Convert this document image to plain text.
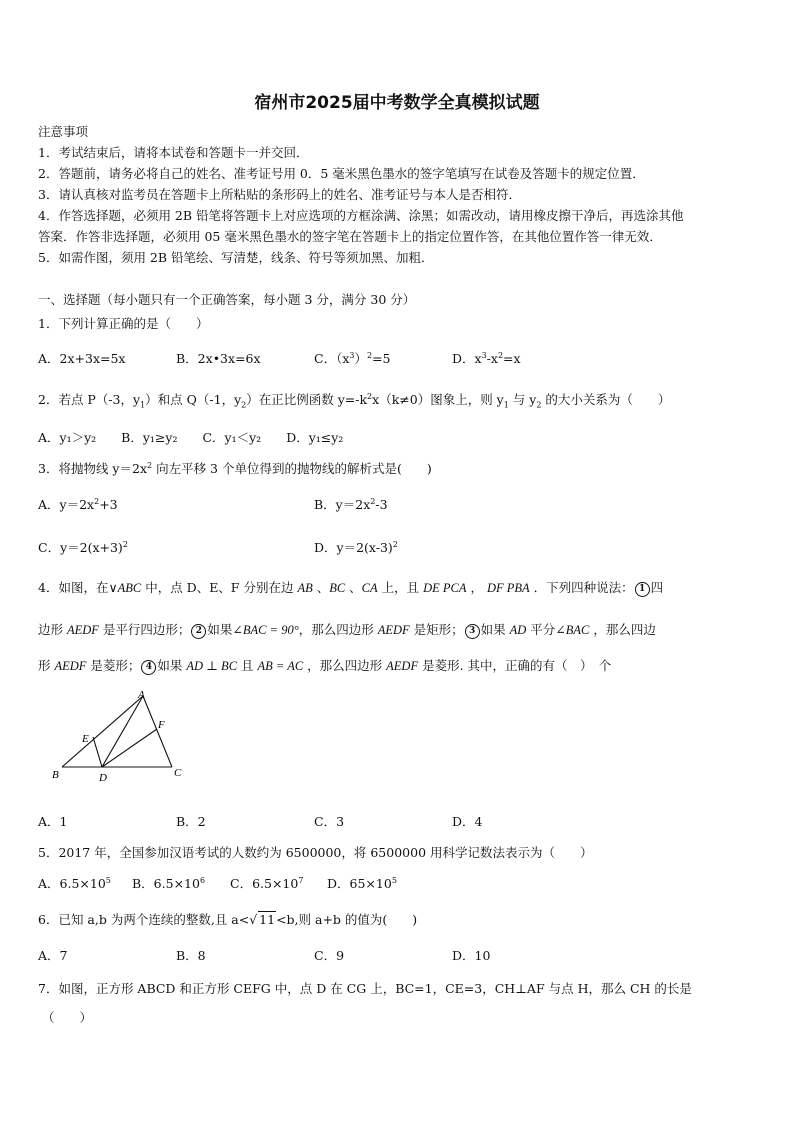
宿州市2025届中考数学全真模拟试题
注意事项
1．考试结束后，请将本试卷和答题卡一并交回．
2．答题前，请务必将自己的姓名、准考证号用 0．5 毫米黑色墨水的签字笔填写在试卷及答题卡的规定位置．
3．请认真核对监考员在答题卡上所粘贴的条形码上的姓名、准考证号与本人是否相符．
4．作答选择题，必须用 2B 铅笔将答题卡上对应选项的方框涂满、涂黑；如需改动，请用橡皮擦干净后，再选涂其他
答案．作答非选择题，必须用 05 毫米黑色墨水的签字笔在答题卡上的指定位置作答，在其他位置作答一律无效．
5．如需作图，须用 2B 铅笔绘、写清楚，线条、符号等须加黑、加粗．
一、选择题（每小题只有一个正确答案，每小题 3 分，满分 30 分）
1．下列计算正确的是（　　）
A．2x+3x=5x	B．2x•3x=6x	C．$(x^3)^2=5$	D．$x^3-x^2=x$
2．若点 P（-3，$y_1$）和点 Q（-1，$y_2$）在正比例函数 $y=-k^2x(k\ne 0)$图象上，则 $y_1$ 与 $y_2$ 的大小关系为（　　）
A．y₁＞y₂　　B．y₁≥y₂　　C．y₁＜y₂　　D．y₁≤y₂
3．将抛物线 $y=2x^2$ 向左平移 3 个单位得到的抛物线的解析式是(　　)
A．$y=2x^2+3$	B．$y=2x^2-3$
C．$y=2(x+3)^2$	D．$y=2(x-3)^2$
4．如图，在∨ABC 中，点 D、E、F 分别在边 AB 、BC 、CA 上，且 DE PCA ， DF PBA ．下列四种说法： 1 四
边形 AEDF 是平行四边形； 2 如果∠BAC = 90°，那么四边形 AEDF 是矩形； 3 如果 AD 平分∠BAC ，那么四边
形 AEDF 是菱形； 4 如果 AD ⊥ BC 且 AB = AC ，那么四边形 AEDF 是菱形. 其中，正确的有（　）　个
A
B	C
D
E
F
A．1	B．2	C．3	D．4
5．2017 年，全国参加汉语考试的人数约为 6500000，将 6500000 用科学记数法表示为（　　）
A．$6.5\times 10^5$ B．$6.5\times 10^6$ C．$6.5\times 10^7$ D．$65\times 10^5$
6．已知 a,b 为两个连续的整数,且 a<√ 11<b,则 a+b 的值为(　　)
A．7	B．8	C．9	D．10
7．如图，正方形 ABCD 和正方形 CEFG 中，点 D 在 CG 上，BC=1，CE=3，CH⊥AF 与点 H，那么 CH 的长是
（　　）
